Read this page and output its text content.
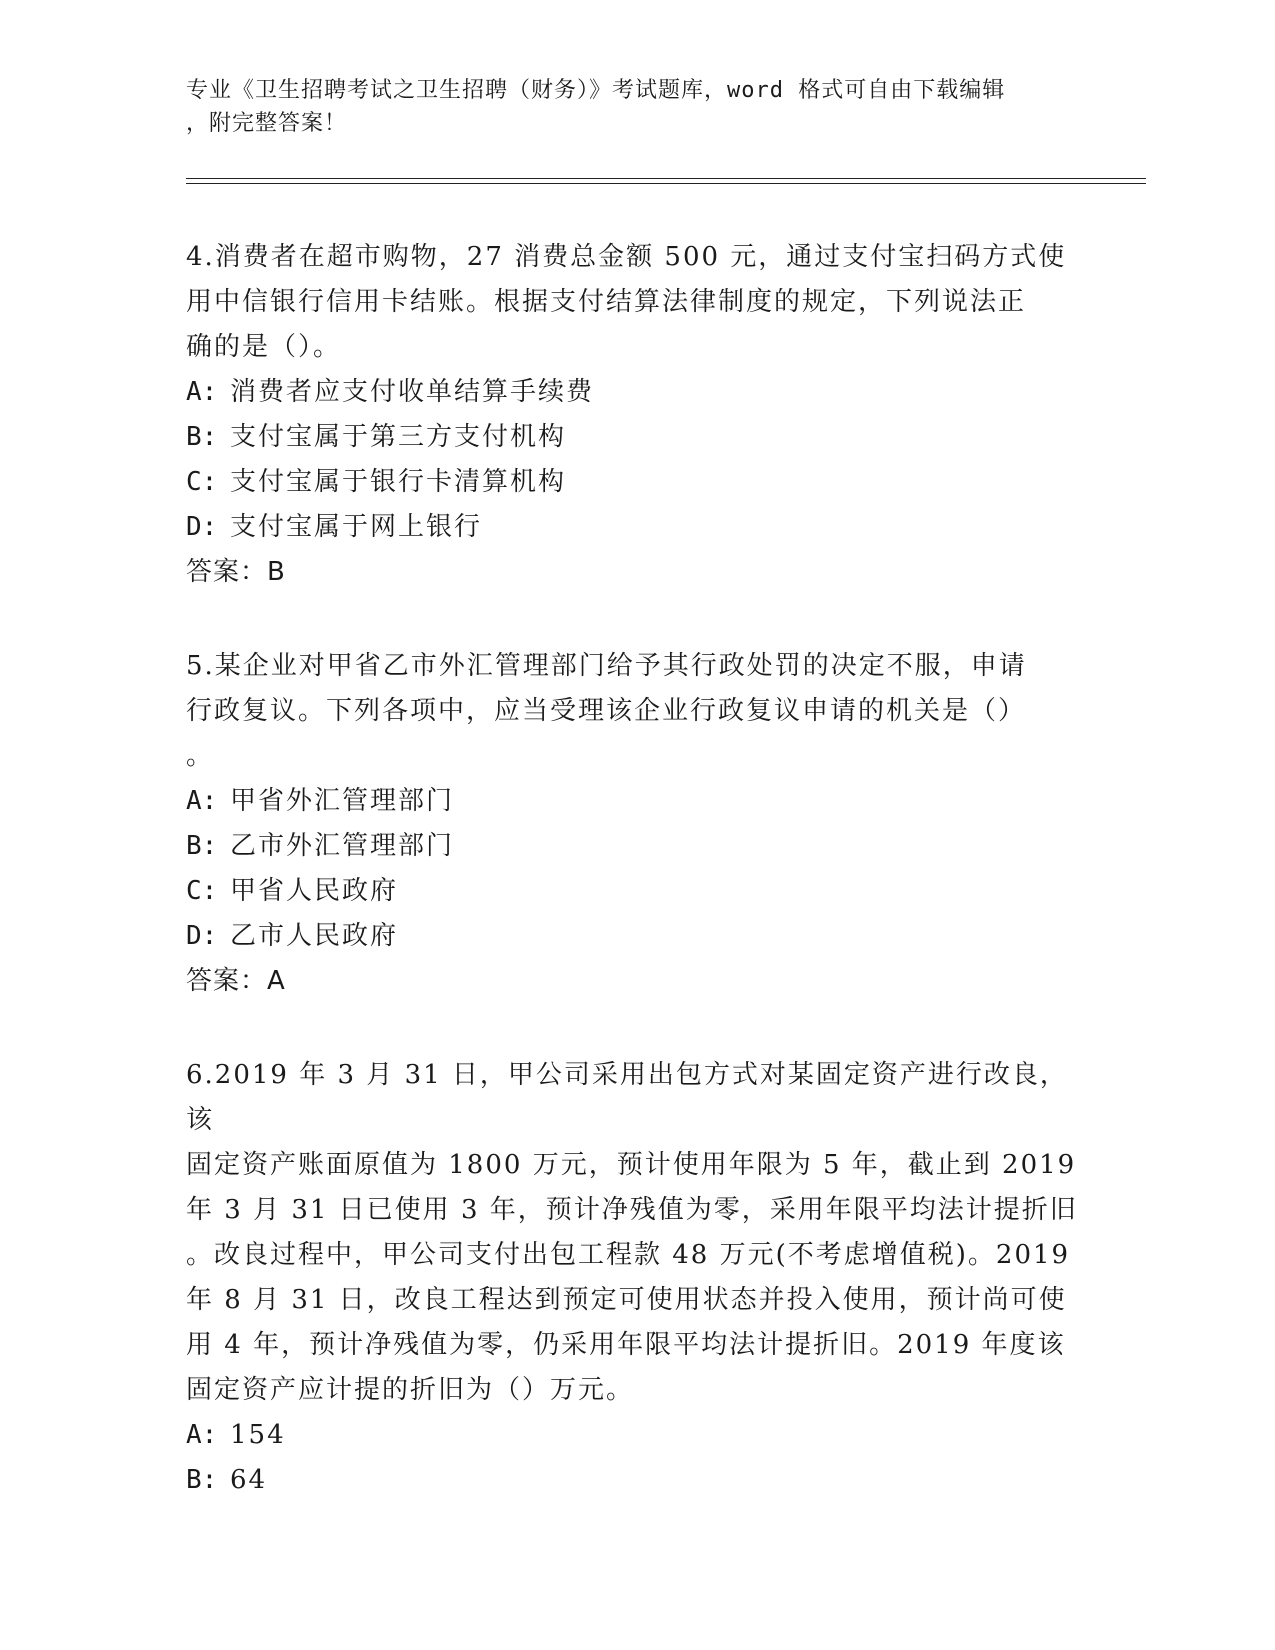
专业《卫生招聘考试之卫生招聘（财务）》考试题库，word 格式可自由下载编辑
，附完整答案！

4.消费者在超市购物，27 消费总金额 500 元，通过支付宝扫码方式使

用中信银行信用卡结账。根据支付结算法律制度的规定，下列说法正

确的是（）。

A: 消费者应支付收单结算手续费

B: 支付宝属于第三方支付机构

C: 支付宝属于银行卡清算机构

D: 支付宝属于网上银行

答案：B

5.某企业对甲省乙市外汇管理部门给予其行政处罚的决定不服，申请

行政复议。下列各项中，应当受理该企业行政复议申请的机关是（）

。

A: 甲省外汇管理部门

B: 乙市外汇管理部门

C: 甲省人民政府

D: 乙市人民政府

答案：A

6.2019 年 3 月 31 日，甲公司采用出包方式对某固定资产进行改良，该

固定资产账面原值为 1800 万元，预计使用年限为 5 年，截止到 2019

年 3 月 31 日已使用 3 年，预计净残值为零，采用年限平均法计提折旧

。改良过程中，甲公司支付出包工程款 48 万元(不考虑增值税)。2019

年 8 月 31 日，改良工程达到预定可使用状态并投入使用，预计尚可使

用 4 年，预计净残值为零，仍采用年限平均法计提折旧。2019 年度该

固定资产应计提的折旧为（）万元。

A: 154

B: 64
